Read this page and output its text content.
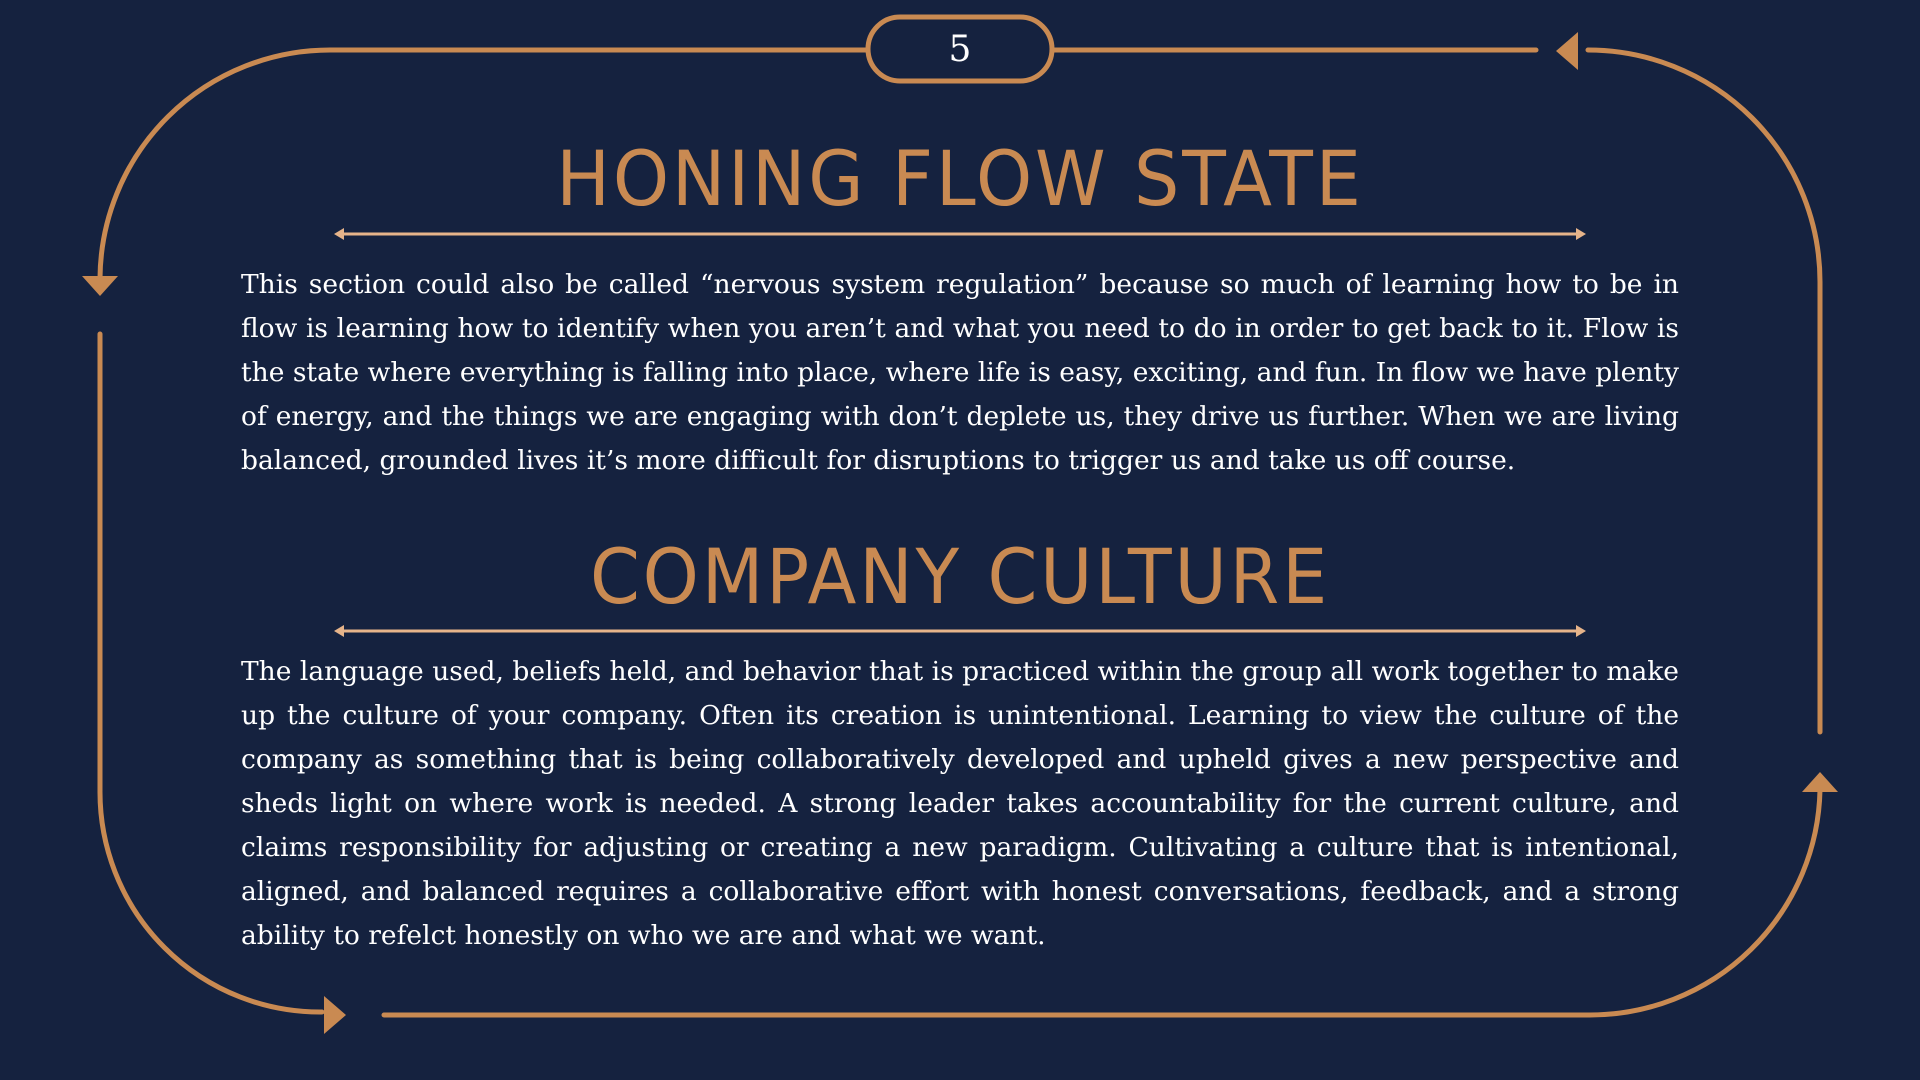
5
HONING FLOW STATE

This section could also be called “nervous system regulation” because so much of learning how to be in flow is learning how to identify when you aren’t and what you need to do in order to get back to it. Flow is the state where everything is falling into place, where life is easy, exciting, and fun. In flow we have plenty of energy, and the things we are engaging with don’t deplete us, they drive us further. When we are living balanced, grounded lives it’s more difficult for disruptions to trigger us and take us off course.

COMPANY CULTURE

The language used, beliefs held, and behavior that is practiced within the group all work together to make up the culture of your company. Often its creation is unintentional. Learning to view the culture of the company as something that is being collaboratively developed and upheld gives a new perspective and sheds light on where work is needed. A strong leader takes accountability for the current culture, and claims responsibility for adjusting or creating a new paradigm. Cultivating a culture that is intentional, aligned, and balanced requires a collaborative effort with honest conversations, feedback, and a strong ability to refelct honestly on who we are and what we want.
